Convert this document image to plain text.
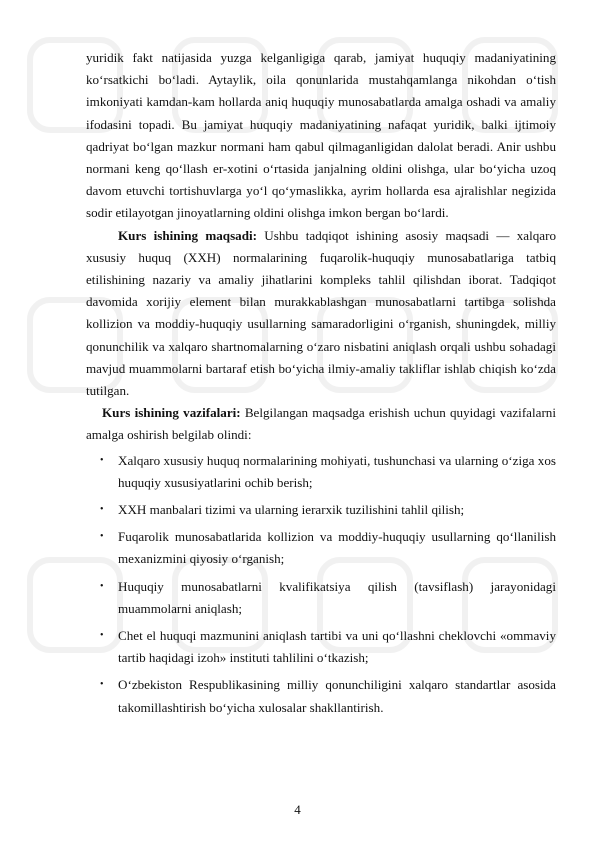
yuridik fakt natijasida yuzga kelganligiga qarab, jamiyat huquqiy madaniyatining ko‘rsatkichi bo‘ladi. Aytaylik, oila qonunlarida mustahqamlanga nikohdan o‘tish imkoniyati kamdan-kam hollarda aniq huquqiy munosabatlarda amalga oshadi va amaliy ifodasini topadi. Bu jamiyat huquqiy madaniyatining nafaqat yuridik, balki ijtimoiy qadriyat bo‘lgan mazkur normani ham qabul qilmaganligidan dalolat beradi. Anir ushbu normani keng qo‘llash er-xotini o‘rtasida janjalning oldini olishga, ular bo‘yicha uzoq davom etuvchi tortishuvlarga yo‘l qo‘ymaslikka, ayrim hollarda esa ajralishlar negizida sodir etilayotgan jinoyatlarning oldini olishga imkon bergan bo‘lardi.

Kurs ishining maqsadi: Ushbu tadqiqot ishining asosiy maqsadi — xalqaro xususiy huquq (XXH) normalarining fuqarolik-huquqiy munosabatlariga tatbiq etilishining nazariy va amaliy jihatlarini kompleks tahlil qilishdan iborat. Tadqiqot davomida xorijiy element bilan murakkablashgan munosabatlarni tartibga solishda kollizion va moddiy-huquqiy usullarning samaradorligini o‘rganish, shuningdek, milliy qonunchilik va xalqaro shartnomalarning o‘zaro nisbatini aniqlash orqali ushbu sohadagi mavjud muammolarni bartaraf etish bo‘yicha ilmiy-amaliy takliflar ishlab chiqish ko‘zda tutilgan.

Kurs ishining vazifalari: Belgilangan maqsadga erishish uchun quyidagi vazifalarni amalga oshirish belgilab olindi:

• Xalqaro xususiy huquq normalarining mohiyati, tushunchasi va ularning o‘ziga xos huquqiy xususiyatlarini ochib berish;
• XXH manbalari tizimi va ularning ierarxik tuzilishini tahlil qilish;
• Fuqarolik munosabatlarida kollizion va moddiy-huquqiy usullarning qo‘llanilish mexanizmini qiyosiy o‘rganish;
• Huquqiy munosabatlarni kvalifikatsiya qilish (tavsiflash) jarayonidagi muammolarni aniqlash;
• Chet el huquqi mazmunini aniqlash tartibi va uni qo‘llashni cheklovchi «ommaviy tartib haqidagi izoh» instituti tahlilini o‘tkazish;
• O‘zbekiston Respublikasining milliy qonunchiligini xalqaro standartlar asosida takomillashtirish bo‘yicha xulosalar shakllantirish.
4
